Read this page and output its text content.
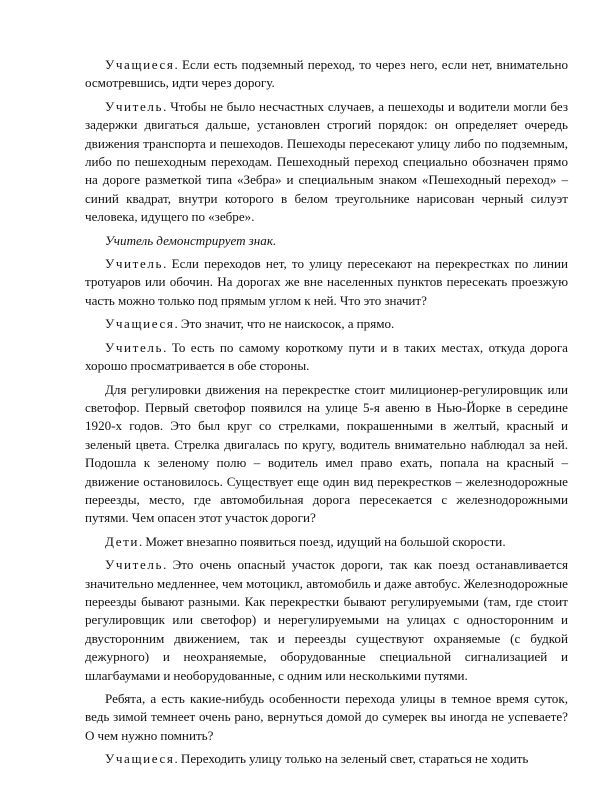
Учащиеся. Если есть подземный переход, то через него, если нет, внимательно осмотревшись, идти через дорогу.

Учитель. Чтобы не было несчастных случаев, а пешеходы и водители могли без задержки двигаться дальше, установлен строгий порядок: он определяет очередь движения транспорта и пешеходов. Пешеходы пересекают улицу либо по подземным, либо по пешеходным переходам. Пешеходный переход специально обозначен прямо на дороге разметкой типа «Зебра» и специальным знаком «Пешеходный переход» – синий квадрат, внутри которого в белом треугольнике нарисован черный силуэт человека, идущего по «зебре».

Учитель демонстрирует знак.

Учитель. Если переходов нет, то улицу пересекают на перекрестках по линии тротуаров или обочин. На дорогах же вне населенных пунктов пересекать проезжую часть можно только под прямым углом к ней. Что это значит?

Учащиеся. Это значит, что не наискосок, а прямо.

Учитель. То есть по самому короткому пути и в таких местах, откуда дорога хорошо просматривается в обе стороны.

Для регулировки движения на перекрестке стоит милиционер-регулировщик или светофор. Первый светофор появился на улице 5-я авеню в Нью-Йорке в середине 1920-х годов. Это был круг со стрелками, покрашенными в желтый, красный и зеленый цвета. Стрелка двигалась по кругу, водитель внимательно наблюдал за ней. Подошла к зеленому полю – водитель имел право ехать, попала на красный – движение остановилось. Существует еще один вид перекрестков – железнодорожные переезды, место, где автомобильная дорога пересекается с железнодорожными путями. Чем опасен этот участок дороги?

Дети. Может внезапно появиться поезд, идущий на большой скорости.

Учитель. Это очень опасный участок дороги, так как поезд останавливается значительно медленнее, чем мотоцикл, автомобиль и даже автобус. Железнодорожные переезды бывают разными. Как перекрестки бывают регулируемыми (там, где стоит регулировщик или светофор) и нерегулируемыми на улицах с односторонним и двусторонним движением, так и переезды существуют охраняемые (с будкой дежурного) и неохраняемые, оборудованные специальной сигнализацией и шлагбаумами и необорудованные, с одним или несколькими путями.

Ребята, а есть какие-нибудь особенности перехода улицы в темное время суток, ведь зимой темнеет очень рано, вернуться домой до сумерек вы иногда не успеваете? О чем нужно помнить?

Учащиеся. Переходить улицу только на зеленый свет, стараться не ходить
